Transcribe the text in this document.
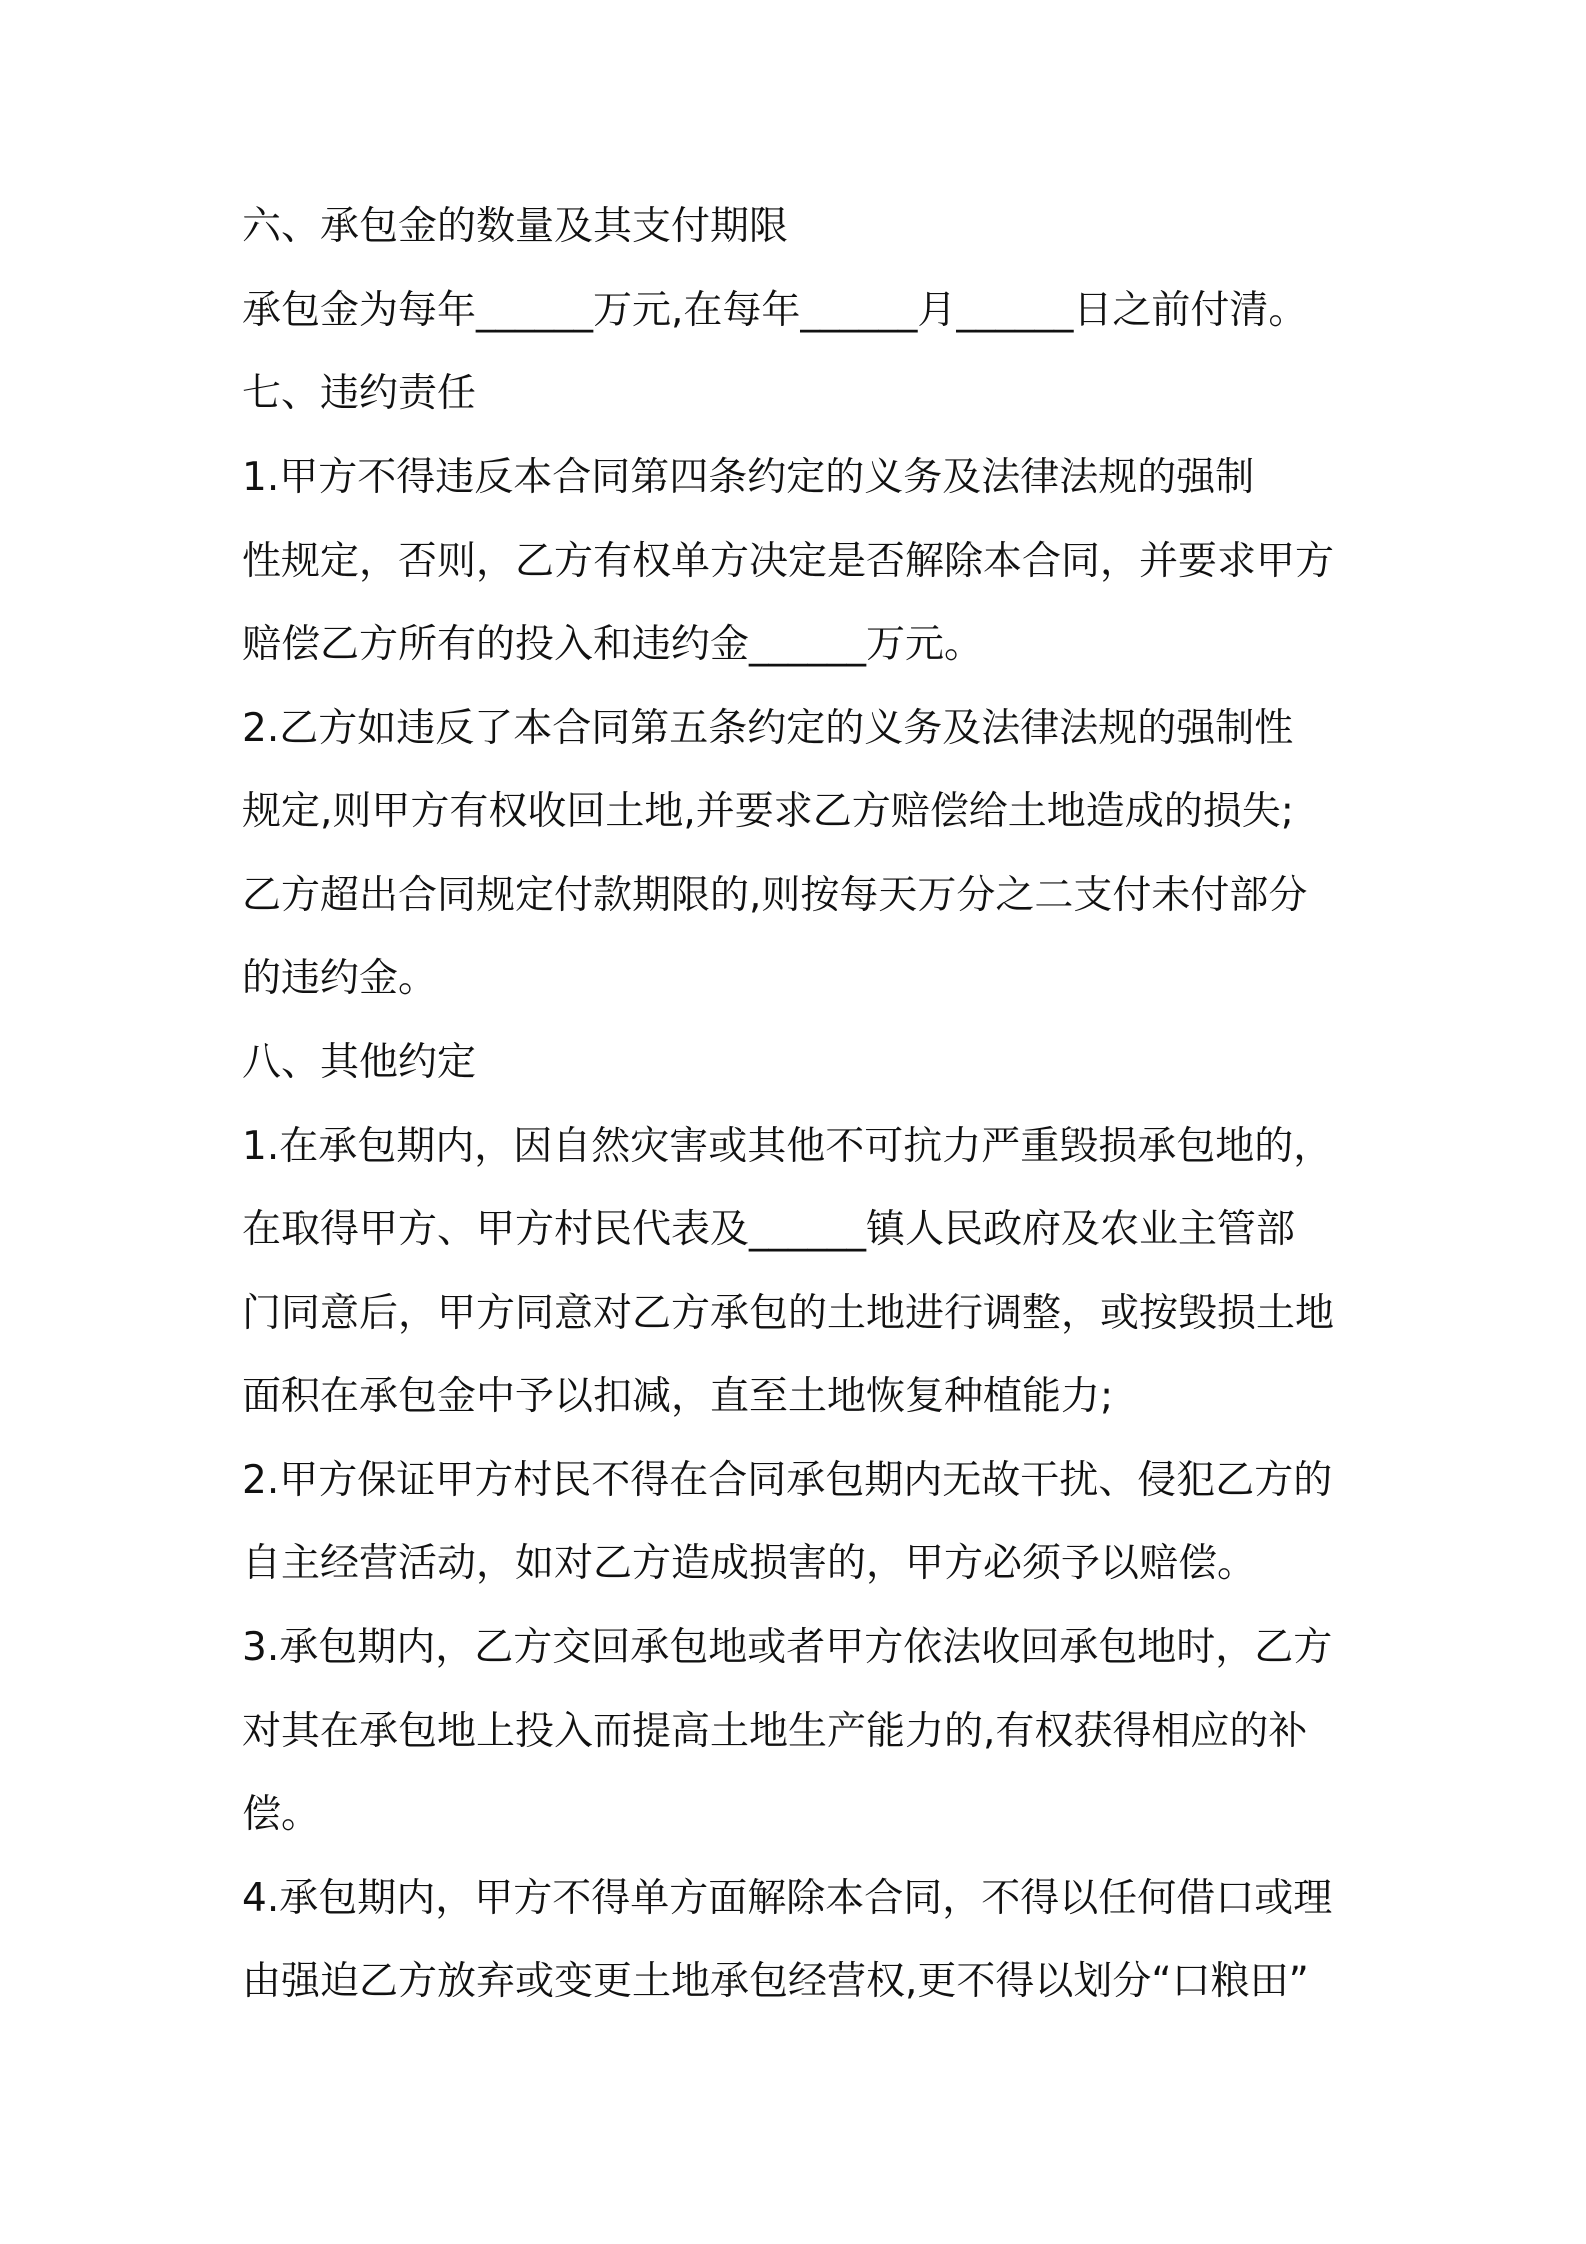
六、承包金的数量及其支付期限
承包金为每年______万元,在每年______月______日之前付清。
七、违约责任
1.甲方不得违反本合同第四条约定的义务及法律法规的强制
性规定，否则，乙方有权单方决定是否解除本合同，并要求甲方
赔偿乙方所有的投入和违约金______万元。
2.乙方如违反了本合同第五条约定的义务及法律法规的强制性
规定,则甲方有权收回土地,并要求乙方赔偿给土地造成的损失;
乙方超出合同规定付款期限的,则按每天万分之二支付未付部分
的违约金。
八、其他约定
1.在承包期内，因自然灾害或其他不可抗力严重毁损承包地的，
在取得甲方、甲方村民代表及______镇人民政府及农业主管部
门同意后，甲方同意对乙方承包的土地进行调整，或按毁损土地
面积在承包金中予以扣减，直至土地恢复种植能力;
2.甲方保证甲方村民不得在合同承包期内无故干扰、侵犯乙方的
自主经营活动，如对乙方造成损害的，甲方必须予以赔偿。
3.承包期内，乙方交回承包地或者甲方依法收回承包地时，乙方
对其在承包地上投入而提高土地生产能力的,有权获得相应的补
偿。
4.承包期内，甲方不得单方面解除本合同，不得以任何借口或理
由强迫乙方放弃或变更土地承包经营权,更不得以划分“口粮田”
